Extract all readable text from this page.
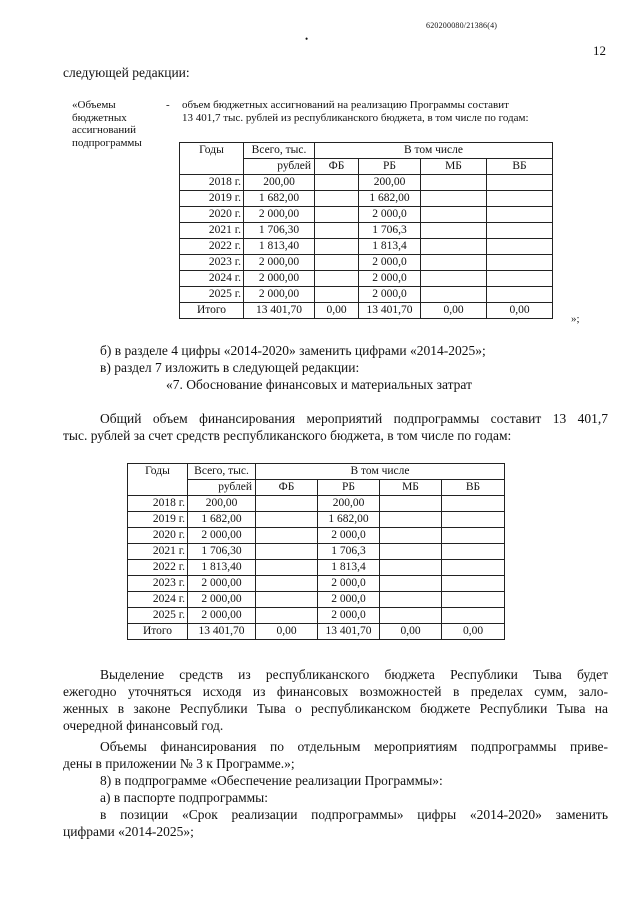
620200080/21386(4)
•
12
следующей редакции:
«Объемы
бюджетных
ассигнований
подпрограммы
- объем бюджетных ассигнований на реализацию Программы составит
13 401,7 тыс. рублей из республиканского бюджета, в том числе по годам:
Годы	Всего, тыс.	В том числе			
	рублей	ФБ	РБ	МБ	ВБ
2018 г.	200,00		200,00		
2019 г.	1 682,00		1 682,00		
2020 г.	2 000,00		2 000,0		
2021 г.	1 706,30		1 706,3		
2022 г.	1 813,40		1 813,4		
2023 г.	2 000,00		2 000,0		
2024 г.	2 000,00		2 000,0		
2025 г.	2 000,00		2 000,0		
Итого	13 401,70	0,00	13 401,70	0,00	0,00
»;
б) в разделе 4 цифры «2014-2020» заменить цифрами «2014-2025»;
в) раздел 7 изложить в следующей редакции:
«7. Обоснование финансовых и материальных затрат
Общий объем финансирования мероприятий подпрограммы составит 13 401,7
тыс. рублей за счет средств республиканского бюджета, в том числе по годам:
Годы	Всего, тыс.	В том числе			
	рублей	ФБ	РБ	МБ	ВБ
2018 г.	200,00		200,00		
2019 г.	1 682,00		1 682,00		
2020 г.	2 000,00		2 000,0		
2021 г.	1 706,30		1 706,3		
2022 г.	1 813,40		1 813,4		
2023 г.	2 000,00		2 000,0		
2024 г.	2 000,00		2 000,0		
2025 г.	2 000,00		2 000,0		
Итого	13 401,70	0,00	13 401,70	0,00	0,00
Выделение средств из республиканского бюджета Республики Тыва будет
ежегодно уточняться исходя из финансовых возможностей в пределах сумм, зало-
женных в законе Республики Тыва о республиканском бюджете Республики Тыва на
очередной финансовый год.
Объемы финансирования по отдельным мероприятиям подпрограммы приве-
дены в приложении № 3 к Программе.»;
8) в подпрограмме «Обеспечение реализации Программы»:
а) в паспорте подпрограммы:
в позиции «Срок реализации подпрограммы» цифры «2014-2020» заменить
цифрами «2014-2025»;
